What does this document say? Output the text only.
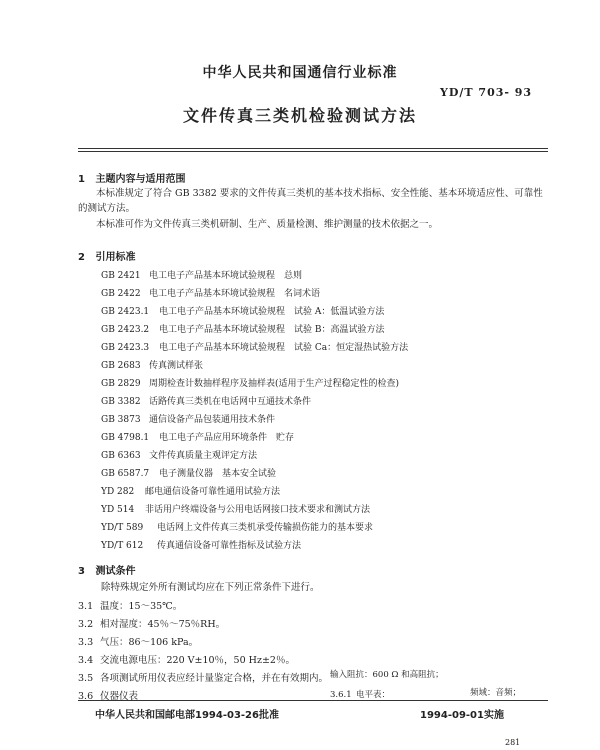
中华人民共和国通信行业标准
YD/T 703- 93
文件传真三类机检验测试方法
1 主题内容与适用范围
本标准规定了符合 GB 3382 要求的文件传真三类机的基本技术指标、安全性能、基本环境适应性、可靠性的测试方法。
本标准可作为文件传真三类机研制、生产、质量检测、维护测量的技术依据之一。
2 引用标准
GB 2421 电工电子产品基本环境试验规程　总则
GB 2422 电工电子产品基本环境试验规程　名词术语
GB 2423.1 电工电子产品基本环境试验规程　试验 A：低温试验方法
GB 2423.2 电工电子产品基本环境试验规程　试验 B：高温试验方法
GB 2423.3 电工电子产品基本环境试验规程　试验 Ca：恒定湿热试验方法
GB 2683 传真测试样张
GB 2829 周期检查计数抽样程序及抽样表(适用于生产过程稳定性的检查)
GB 3382 话路传真三类机在电话网中互通技术条件
GB 3873 通信设备产品包装通用技术条件
GB 4798.1 电工电子产品应用环境条件　贮存
GB 6363 文件传真质量主观评定方法
GB 6587.7 电子测量仪器　基本安全试验
YD 282 邮电通信设备可靠性通用试验方法
YD 514 非话用户终端设备与公用电话网接口技术要求和测试方法
YD/T 589 电话网上文件传真三类机承受传输损伤能力的基本要求
YD/T 612 传真通信设备可靠性指标及试验方法
3 测试条件
除特殊规定外所有测试均应在下列正常条件下进行。
3.1 温度：15～35℃。
3.2 相对湿度：45％～75％RH。
3.3 气压：86～106 kPa。
3.4 交流电源电压：220 V±10％，50 Hz±2％。
3.5 各项测试所用仪表应经计量鉴定合格，并在有效期内。
3.6 仪器仪表
中华人民共和国邮电部1994-03-26批准	1994-09-01实施
281
3.6.1 电平表：
输入阻抗：600 Ω 和高阻抗；
频域：音频；
